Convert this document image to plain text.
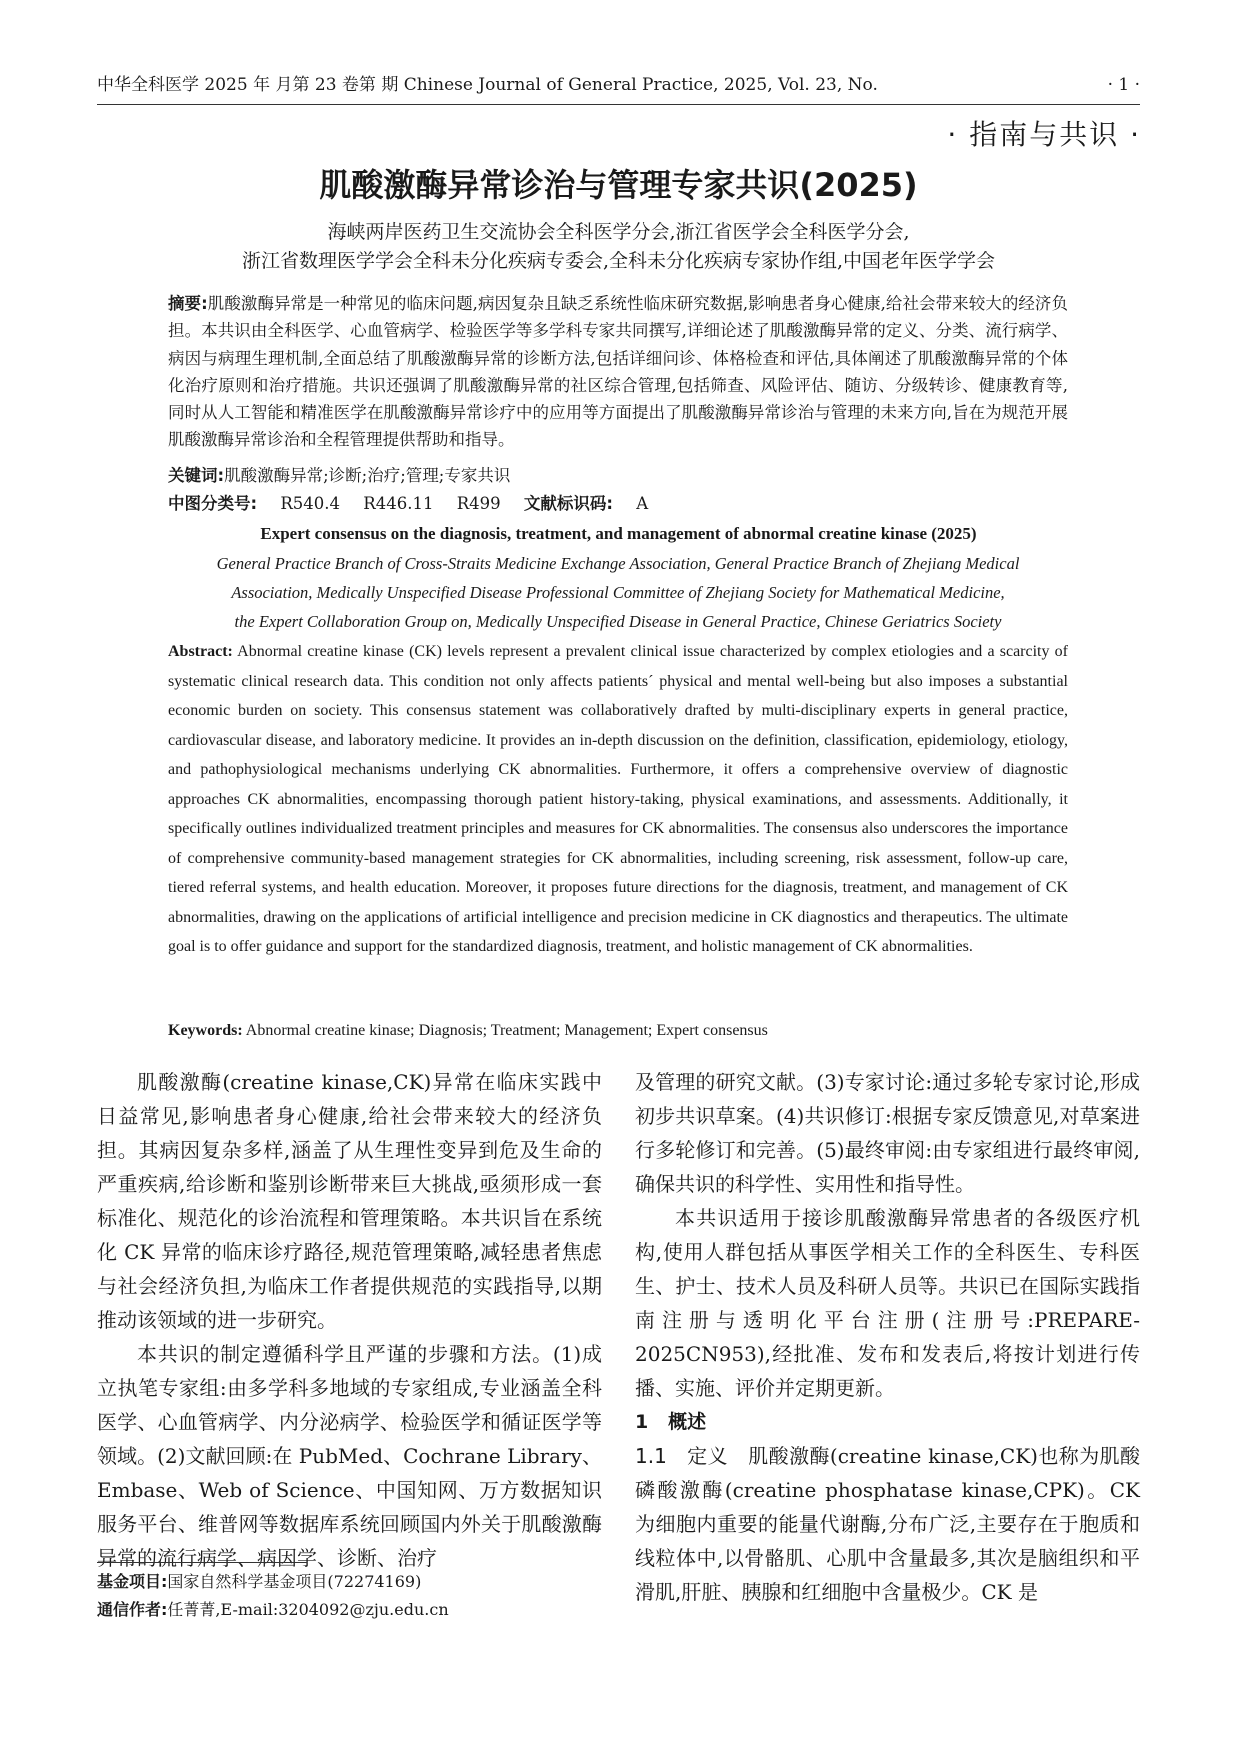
中华全科医学 2025 年 月第 23 卷第 期 Chinese Journal of General Practice, 2025, Vol. 23, No.	· 1 ·
· 指南与共识 ·
肌酸激酶异常诊治与管理专家共识(2025)
海峡两岸医药卫生交流协会全科医学分会,浙江省医学会全科医学分会,
浙江省数理医学学会全科未分化疾病专委会,全科未分化疾病专家协作组,中国老年医学学会
摘要:肌酸激酶异常是一种常见的临床问题,病因复杂且缺乏系统性临床研究数据,影响患者身心健康,给社会带来较大的经济负担。本共识由全科医学、心血管病学、检验医学等多学科专家共同撰写,详细论述了肌酸激酶异常的定义、分类、流行病学、病因与病理生理机制,全面总结了肌酸激酶异常的诊断方法,包括详细问诊、体格检查和评估,具体阐述了肌酸激酶异常的个体化治疗原则和治疗措施。共识还强调了肌酸激酶异常的社区综合管理,包括筛查、风险评估、随访、分级转诊、健康教育等,同时从人工智能和精准医学在肌酸激酶异常诊疗中的应用等方面提出了肌酸激酶异常诊治与管理的未来方向,旨在为规范开展肌酸激酶异常诊治和全程管理提供帮助和指导。
关键词:肌酸激酶异常;诊断;治疗;管理;专家共识
中图分类号: R540.4 R446.11 R499 文献标识码: A
Expert consensus on the diagnosis, treatment, and management of abnormal creatine kinase (2025)
General Practice Branch of Cross-Straits Medicine Exchange Association, General Practice Branch of Zhejiang Medical
Association, Medically Unspecified Disease Professional Committee of Zhejiang Society for Mathematical Medicine,
the Expert Collaboration Group on, Medically Unspecified Disease in General Practice, Chinese Geriatrics Society
Abstract: Abnormal creatine kinase (CK) levels represent a prevalent clinical issue characterized by complex etiologies and a scarcity of systematic clinical research data. This condition not only affects patients´ physical and mental well-being but also imposes a substantial economic burden on society. This consensus statement was collaboratively drafted by multi-disciplinary experts in general practice, cardiovascular disease, and laboratory medicine. It provides an in-depth discussion on the definition, classification, epidemiology, etiology, and pathophysiological mechanisms underlying CK abnormalities. Furthermore, it offers a comprehensive overview of diagnostic approaches CK abnormalities, encompassing thorough patient history-taking, physical examinations, and assessments. Additionally, it specifically outlines individualized treatment principles and measures for CK abnormalities. The consensus also underscores the importance of comprehensive community-based management strategies for CK abnormalities, including screening, risk assessment, follow-up care, tiered referral systems, and health education. Moreover, it proposes future directions for the diagnosis, treatment, and management of CK abnormalities, drawing on the applications of artificial intelligence and precision medicine in CK diagnostics and therapeutics. The ultimate goal is to offer guidance and support for the standardized diagnosis, treatment, and holistic management of CK abnormalities.
Keywords: Abnormal creatine kinase; Diagnosis; Treatment; Management; Expert consensus

肌酸激酶(creatine kinase,CK)异常在临床实践中日益常见,影响患者身心健康,给社会带来较大的经济负担。其病因复杂多样,涵盖了从生理性变异到危及生命的严重疾病,给诊断和鉴别诊断带来巨大挑战,亟须形成一套标准化、规范化的诊治流程和管理策略。本共识旨在系统化 CK 异常的临床诊疗路径,规范管理策略,减轻患者焦虑与社会经济负担,为临床工作者提供规范的实践指导,以期推动该领域的进一步研究。

本共识的制定遵循科学且严谨的步骤和方法。(1)成立执笔专家组:由多学科多地域的专家组成,专业涵盖全科医学、心血管病学、内分泌病学、检验医学和循证医学等领域。(2)文献回顾:在 PubMed、Cochrane Library、Embase、Web of Science、中国知网、万方数据知识服务平台、维普网等数据库系统回顾国内外关于肌酸激酶异常的流行病学、病因学、诊断、治疗

及管理的研究文献。(3)专家讨论:通过多轮专家讨论,形成初步共识草案。(4)共识修订:根据专家反馈意见,对草案进行多轮修订和完善。(5)最终审阅:由专家组进行最终审阅,确保共识的科学性、实用性和指导性。

本共识适用于接诊肌酸激酶异常患者的各级医疗机构,使用人群包括从事医学相关工作的全科医生、专科医生、护士、技术人员及科研人员等。共识已在国际实践指南注册与透明化平台注册(注册号:PREPARE-2025CN953),经批准、发布和发表后,将按计划进行传播、实施、评价并定期更新。

1 概述

1.1 定义 肌酸激酶(creatine kinase,CK)也称为肌酸磷酸激酶(creatine phosphatase kinase,CPK)。CK 为细胞内重要的能量代谢酶,分布广泛,主要存在于胞质和线粒体中,以骨骼肌、心肌中含量最多,其次是脑组织和平滑肌,肝脏、胰腺和红细胞中含量极少。CK 是

基金项目:国家自然科学基金项目(72274169)
通信作者:任菁菁,E-mail:3204092@zju.edu.cn
